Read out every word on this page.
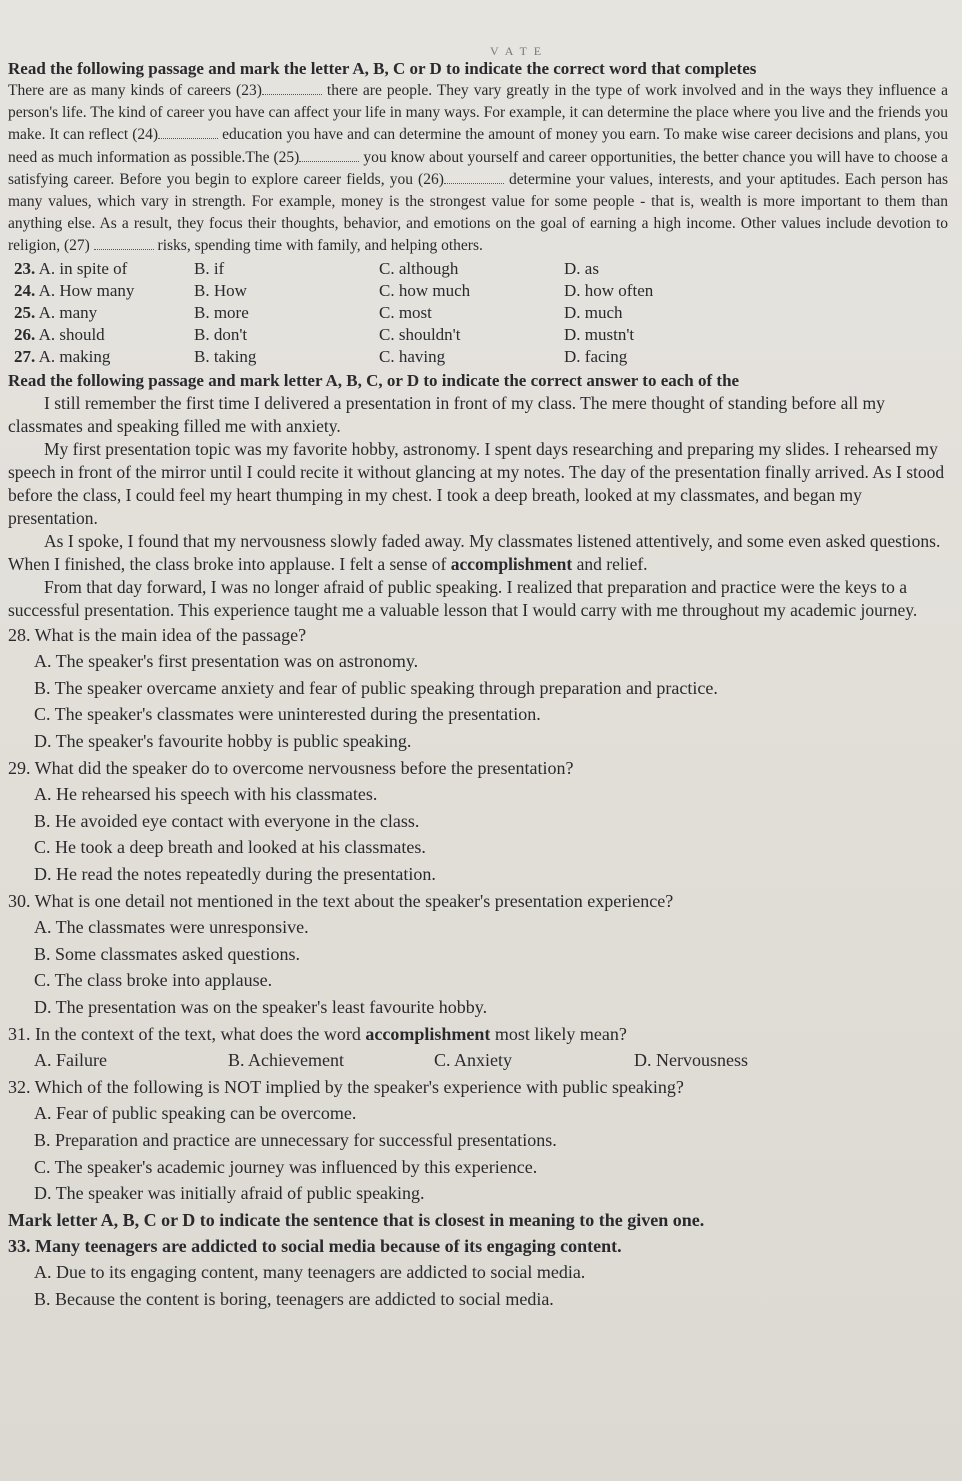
V A T E
Read the following passage and mark the letter A, B, C or D to indicate the correct word that completes
There are as many kinds of careers (23)	there are people. They vary greatly in the type of work involved and in the ways they influence a person's life. The kind of career you have can affect your life in many ways. For example, it can determine the place where you live and the friends you make. It can reflect (24)	education you have and can determine the amount of money you earn. To make wise career decisions and plans, you need as much information as possible.The (25)	you know about yourself and career opportunities, the better chance you will have to choose a satisfying career. Before you begin to explore career fields, you (26)	determine your values, interests, and your aptitudes. Each person has many values, which vary in strength. For example, money is the strongest value for some people - that is, wealth is more important to them than anything else. As a result, they focus their thoughts, behavior, and emotions on the goal of earning a high income. Other values include devotion to religion, (27)	risks, spending time with family, and helping others.
23. A. in spite of	B. if	C. although	D. as
24. A. How many	B. How	C. how much	D. how often
25. A. many	B. more	C. most	D. much
26. A. should	B. don't	C. shouldn't	D. mustn't
27. A. making	B. taking	C. having	D. facing
Read the following passage and mark letter A, B, C, or D to indicate the correct answer to each of the

I still remember the first time I delivered a presentation in front of my class. The mere thought of standing before all my classmates and speaking filled me with anxiety.

My first presentation topic was my favorite hobby, astronomy. I spent days researching and preparing my slides. I rehearsed my speech in front of the mirror until I could recite it without glancing at my notes. The day of the presentation finally arrived. As I stood before the class, I could feel my heart thumping in my chest. I took a deep breath, looked at my classmates, and began my presentation.

As I spoke, I found that my nervousness slowly faded away. My classmates listened attentively, and some even asked questions. When I finished, the class broke into applause. I felt a sense of accomplishment and relief.

From that day forward, I was no longer afraid of public speaking. I realized that preparation and practice were the keys to a successful presentation. This experience taught me a valuable lesson that I would carry with me throughout my academic journey.

28. What is the main idea of the passage?
A. The speaker's first presentation was on astronomy.
B. The speaker overcame anxiety and fear of public speaking through preparation and practice.
C. The speaker's classmates were uninterested during the presentation.
D. The speaker's favourite hobby is public speaking.
29. What did the speaker do to overcome nervousness before the presentation?
A. He rehearsed his speech with his classmates.
B. He avoided eye contact with everyone in the class.
C. He took a deep breath and looked at his classmates.
D. He read the notes repeatedly during the presentation.
30. What is one detail not mentioned in the text about the speaker's presentation experience?
A. The classmates were unresponsive.
B. Some classmates asked questions.
C. The class broke into applause.
D. The presentation was on the speaker's least favourite hobby.
31. In the context of the text, what does the word accomplishment most likely mean?
A. Failure	B. Achievement	C. Anxiety	D. Nervousness
32. Which of the following is NOT implied by the speaker's experience with public speaking?
A. Fear of public speaking can be overcome.
B. Preparation and practice are unnecessary for successful presentations.
C. The speaker's academic journey was influenced by this experience.
D. The speaker was initially afraid of public speaking.
Mark letter A, B, C or D to indicate the sentence that is closest in meaning to the given one.
33. Many teenagers are addicted to social media because of its engaging content.
A. Due to its engaging content, many teenagers are addicted to social media.
B. Because the content is boring, teenagers are addicted to social media.
